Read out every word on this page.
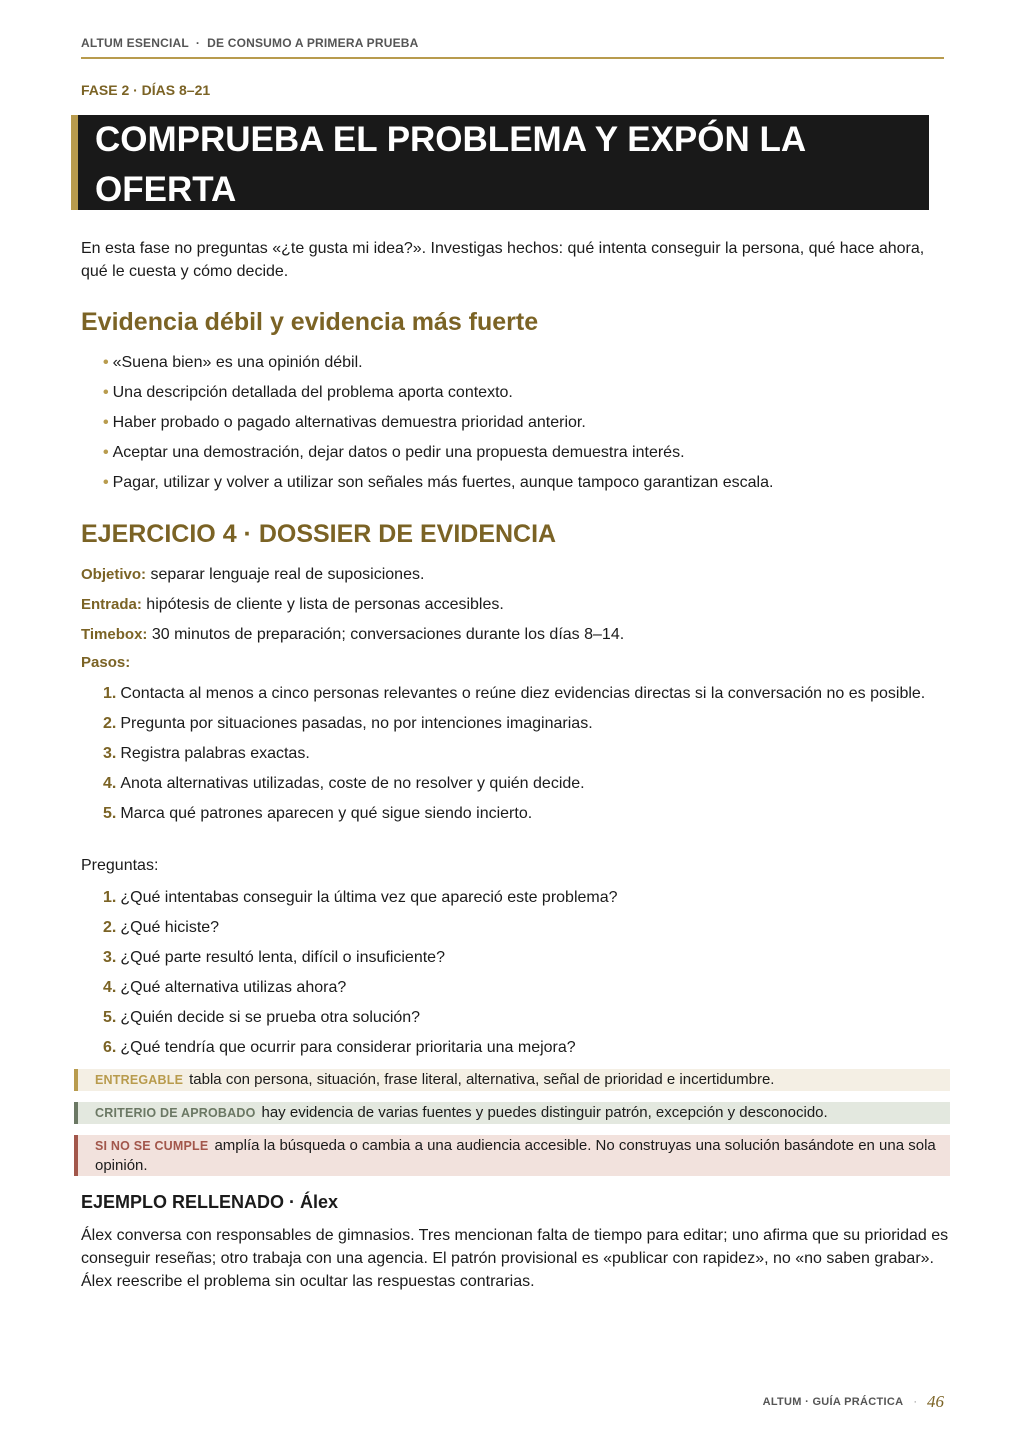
ALTUM ESENCIAL · DE CONSUMO A PRIMERA PRUEBA
FASE 2 · DÍAS 8–21
COMPRUEBA EL PROBLEMA Y EXPÓN LA OFERTA

En esta fase no preguntas «¿te gusta mi idea?». Investigas hechos: qué intenta conseguir la persona, qué hace ahora, qué le cuesta y cómo decide.

Evidencia débil y evidencia más fuerte
• «Suena bien» es una opinión débil.
• Una descripción detallada del problema aporta contexto.
• Haber probado o pagado alternativas demuestra prioridad anterior.
• Aceptar una demostración, dejar datos o pedir una propuesta demuestra interés.
• Pagar, utilizar y volver a utilizar son señales más fuertes, aunque tampoco garantizan escala.
EJERCICIO 4 · DOSSIER DE EVIDENCIA

Objetivo: separar lenguaje real de suposiciones.

Entrada: hipótesis de cliente y lista de personas accesibles.

Timebox: 30 minutos de preparación; conversaciones durante los días 8–14.

Pasos:
1. Contacta al menos a cinco personas relevantes o reúne diez evidencias directas si la conversación no es posible.
2. Pregunta por situaciones pasadas, no por intenciones imaginarias.
3. Registra palabras exactas.
4. Anota alternativas utilizadas, coste de no resolver y quién decide.
5. Marca qué patrones aparecen y qué sigue siendo incierto.
Preguntas:
1. ¿Qué intentabas conseguir la última vez que apareció este problema?
2. ¿Qué hiciste?
3. ¿Qué parte resultó lenta, difícil o insuficiente?
4. ¿Qué alternativa utilizas ahora?
5. ¿Quién decide si se prueba otra solución?
6. ¿Qué tendría que ocurrir para considerar prioritaria una mejora?
ENTREGABLE tabla con persona, situación, frase literal, alternativa, señal de prioridad e incertidumbre.
CRITERIO DE APROBADO hay evidencia de varias fuentes y puedes distinguir patrón, excepción y desconocido.
SI NO SE CUMPLE amplía la búsqueda o cambia a una audiencia accesible. No construyas una solución basándote en una sola opinión.
EJEMPLO RELLENADO · Álex

Álex conversa con responsables de gimnasios. Tres mencionan falta de tiempo para editar; uno afirma que su prioridad es conseguir reseñas; otro trabaja con una agencia. El patrón provisional es «publicar con rapidez», no «no saben grabar». Álex reescribe el problema sin ocultar las respuestas contrarias.

ALTUM · GUÍA PRÁCTICA · 46
